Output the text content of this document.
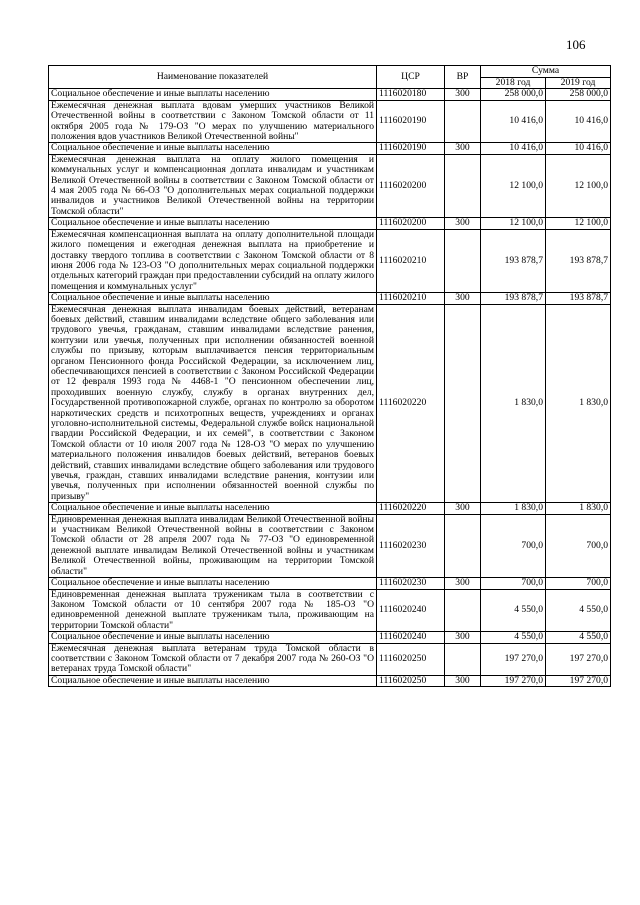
106
Наименование показателей	ЦСР	ВР	Сумма	
			2018 год	2019 год
Социальное обеспечение и иные выплаты населению	1116020180	300	258 000,0	258 000,0
Ежемесячная денежная выплата вдовам умерших участников Великой Отечественной войны в соответствии с Законом Томской области от 11 октября 2005 года № 179-ОЗ "О мерах по улучшению материального положения вдов участников Великой Отечественной войны"	1116020190		10 416,0	10 416,0
Социальное обеспечение и иные выплаты населению	1116020190	300	10 416,0	10 416,0
Ежемесячная денежная выплата на оплату жилого помещения и коммунальных услуг и компенсационная доплата инвалидам и участникам Великой Отечественной войны в соответствии с Законом Томской области от 4 мая 2005 года № 66-ОЗ "О дополнительных мерах социальной поддержки инвалидов и участников Великой Отечественной войны на территории Томской области"	1116020200		12 100,0	12 100,0
Социальное обеспечение и иные выплаты населению	1116020200	300	12 100,0	12 100,0
Ежемесячная компенсационная выплата на оплату дополнительной площади жилого помещения и ежегодная денежная выплата на приобретение и доставку твердого топлива в соответствии с Законом Томской области от 8 июня 2006 года № 123-ОЗ "О дополнительных мерах социальной поддержки отдельных категорий граждан при предоставлении субсидий на оплату жилого помещения и коммунальных услуг"	1116020210		193 878,7	193 878,7
Социальное обеспечение и иные выплаты населению	1116020210	300	193 878,7	193 878,7
Ежемесячная денежная выплата инвалидам боевых действий, ветеранам боевых действий, ставшим инвалидами вследствие общего заболевания или трудового увечья, гражданам, ставшим инвалидами вследствие ранения, контузии или увечья, полученных при исполнении обязанностей военной службы по призыву, которым выплачивается пенсия территориальным органом Пенсионного фонда Российской Федерации, за исключением лиц, обеспечивающихся пенсией в соответствии с Законом Российской Федерации от 12 февраля 1993 года № 4468-1 "О пенсионном обеспечении лиц, проходивших военную службу, службу в органах внутренних дел, Государственной противопожарной службе, органах по контролю за оборотом наркотических средств и психотропных веществ, учреждениях и органах уголовно-исполнительной системы, Федеральной службе войск национальной гвардии Российской Федерации, и их семей", в соответствии с Законом Томской области от 10 июля 2007 года № 128-ОЗ "О мерах по улучшению материального положения инвалидов боевых действий, ветеранов боевых действий, ставших инвалидами вследствие общего заболевания или трудового увечья, граждан, ставших инвалидами вследствие ранения, контузии или увечья, полученных при исполнении обязанностей военной службы по призыву"	1116020220		1 830,0	1 830,0
Социальное обеспечение и иные выплаты населению	1116020220	300	1 830,0	1 830,0
Единовременная денежная выплата инвалидам Великой Отечественной войны и участникам Великой Отечественной войны в соответствии с Законом Томской области от 28 апреля 2007 года № 77-ОЗ "О единовременной денежной выплате инвалидам Великой Отечественной войны и участникам Великой Отечественной войны, проживающим на территории Томской области"	1116020230		700,0	700,0
Социальное обеспечение и иные выплаты населению	1116020230	300	700,0	700,0
Единовременная денежная выплата труженикам тыла в соответствии с Законом Томской области от 10 сентября 2007 года № 185-ОЗ "О единовременной денежной выплате труженикам тыла, проживающим на территории Томской области"	1116020240		4 550,0	4 550,0
Социальное обеспечение и иные выплаты населению	1116020240	300	4 550,0	4 550,0
Ежемесячная денежная выплата ветеранам труда Томской области в соответствии с Законом Томской области от 7 декабря 2007 года № 260-ОЗ "О ветеранах труда Томской области"	1116020250		197 270,0	197 270,0
Социальное обеспечение и иные выплаты населению	1116020250	300	197 270,0	197 270,0
